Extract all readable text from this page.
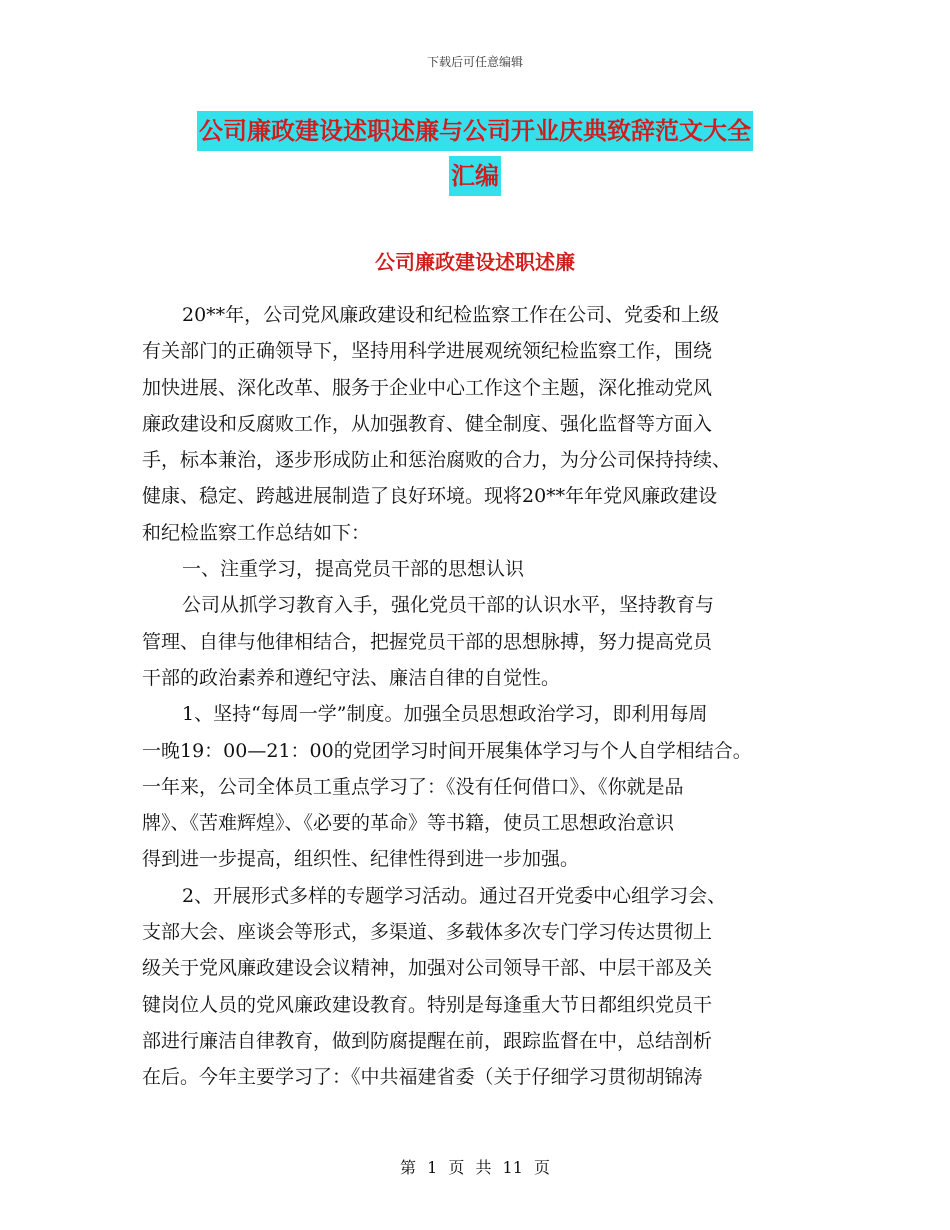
下载后可任意编辑
公司廉政建设述职述廉与公司开业庆典致辞范文大全
汇编
公司廉政建设述职述廉
20**年，公司党风廉政建设和纪检监察工作在公司、党委和上级
有关部门的正确领导下，坚持用科学进展观统领纪检监察工作，围绕
加快进展、深化改革、服务于企业中心工作这个主题，深化推动党风
廉政建设和反腐败工作，从加强教育、健全制度、强化监督等方面入
手，标本兼治，逐步形成防止和惩治腐败的合力，为分公司保持持续、
健康、稳定、跨越进展制造了良好环境。现将20**年年党风廉政建设
和纪检监察工作总结如下：
一、注重学习，提高党员干部的思想认识
公司从抓学习教育入手，强化党员干部的认识水平，坚持教育与
管理、自律与他律相结合，把握党员干部的思想脉搏，努力提高党员
干部的政治素养和遵纪守法、廉洁自律的自觉性。
1、坚持“每周一学”制度。加强全员思想政治学习，即利用每周
一晚19：00—21：00的党团学习时间开展集体学习与个人自学相结合。
一年来，公司全体员工重点学习了：《没有任何借口》、《你就是品
牌》、《苦难辉煌》、《必要的革命》等书籍，使员工思想政治意识
得到进一步提高，组织性、纪律性得到进一步加强。
2、开展形式多样的专题学习活动。通过召开党委中心组学习会、
支部大会、座谈会等形式，多渠道、多载体多次专门学习传达贯彻上
级关于党风廉政建设会议精神，加强对公司领导干部、中层干部及关
键岗位人员的党风廉政建设教育。特别是每逢重大节日都组织党员干
部进行廉洁自律教育，做到防腐提醒在前，跟踪监督在中，总结剖析
在后。今年主要学习了：《中共福建省委（关于仔细学习贯彻胡锦涛
第 1 页 共 11 页
